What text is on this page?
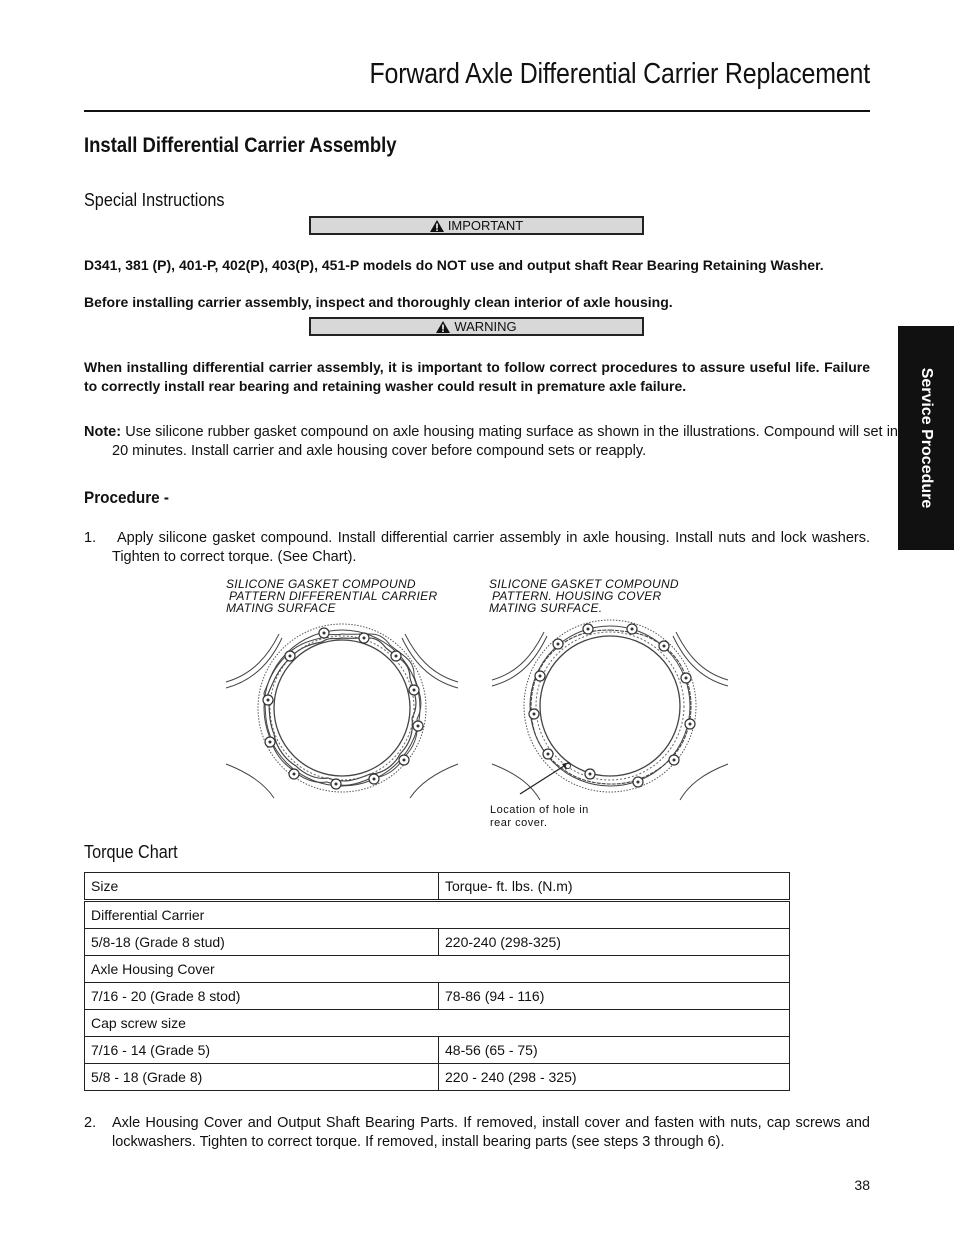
Forward Axle Differential Carrier Replacement
Install Differential Carrier Assembly
Special Instructions
IMPORTANT
D341, 381 (P), 401-P, 402(P), 403(P), 451-P models do NOT use and output shaft Rear Bearing Retaining Washer.
Before installing carrier assembly, inspect and thoroughly clean interior of axle housing.
WARNING
When installing differential carrier assembly, it is important to follow correct procedures to assure useful life. Failure to correctly install rear bearing and retaining washer could result in premature axle failure.
Note: Use silicone rubber gasket compound on axle housing mating surface as shown in the illustrations. Compound will set in 20 minutes. Install carrier and axle housing cover before compound sets or reapply.
Procedure -
1.	Apply silicone gasket compound. Install differential carrier assembly in axle housing. Install nuts and lock washers. Tighten to correct torque. (See Chart).
Service Procedure
SILICONE GASKET COMPOUND
PATTERN DIFFERENTIAL CARRIER
MATING SURFACE
SILICONE GASKET COMPOUND
PATTERN. HOUSING COVER
MATING SURFACE.
Location of hole in
rear cover.
Torque Chart
Size	Torque- ft. lbs. (N.m)
Differential Carrier	
5/8-18 (Grade 8 stud)	220-240 (298-325)
Axle Housing Cover	
7/16 - 20 (Grade 8 stod)	78-86 (94 - 116)
Cap screw size	
7/16 - 14 (Grade 5)	48-56 (65 - 75)
5/8 - 18 (Grade 8)	220 - 240 (298 - 325)
2.	Axle Housing Cover and Output Shaft Bearing Parts. If removed, install cover and fasten with nuts, cap screws and lockwashers. Tighten to correct torque. If removed, install bearing parts (see steps 3 through 6).
38
